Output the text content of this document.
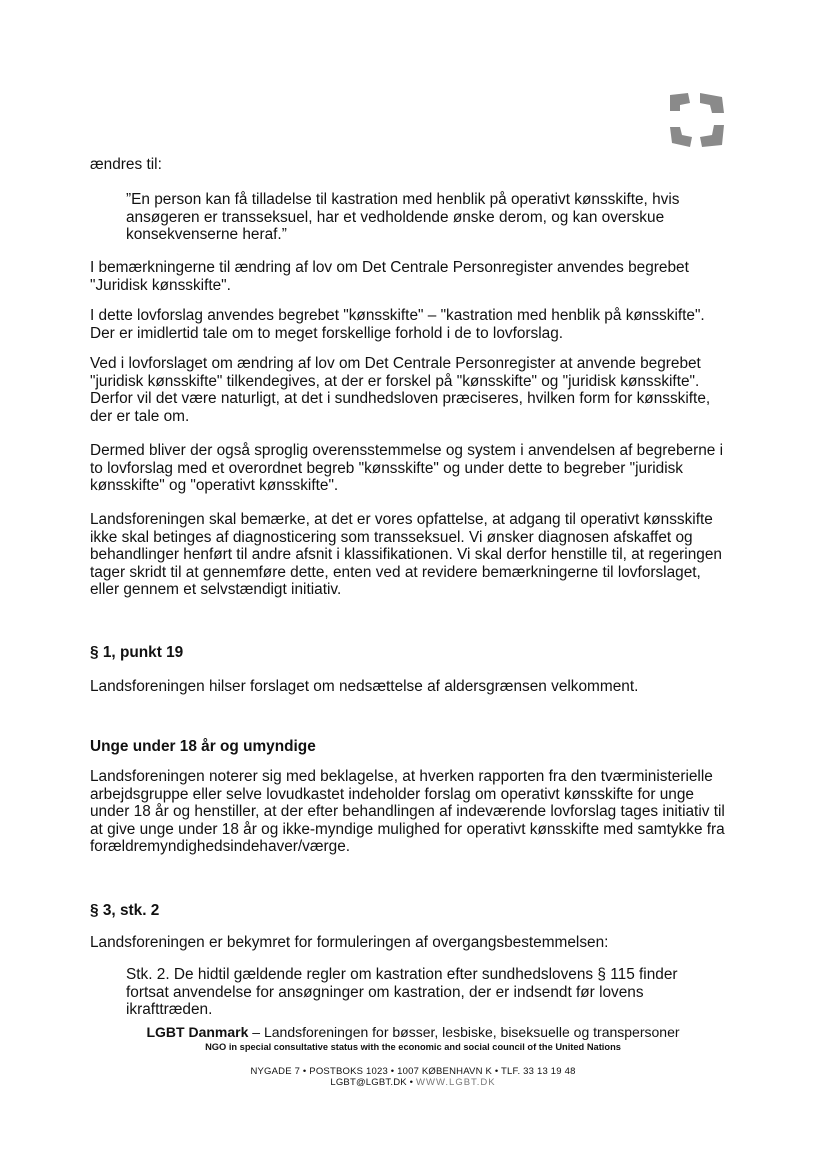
ændres til:

”En person kan få tilladelse til kastration med henblik på operativt kønsskifte, hvis ansøgeren er transseksuel, har et vedholdende ønske derom, og kan overskue konsekvenserne heraf.”

I bemærkningerne til ændring af lov om Det Centrale Personregister anvendes begrebet "Juridisk kønsskifte".

I dette lovforslag anvendes begrebet "kønsskifte" – "kastration med henblik på kønsskifte". Der er imidlertid tale om to meget forskellige forhold i de to lovforslag.

Ved i lovforslaget om ændring af lov om Det Centrale Personregister at anvende begrebet "juridisk kønsskifte" tilkendegives, at der er forskel på "kønsskifte" og "juridisk kønsskifte". Derfor vil det være naturligt, at det i sundhedsloven præciseres, hvilken form for kønsskifte, der er tale om.

Dermed bliver der også sproglig overensstemmelse og system i anvendelsen af begreberne i to lovforslag med et overordnet begreb "kønsskifte" og under dette to begreber "juridisk kønsskifte" og "operativt kønsskifte".

Landsforeningen skal bemærke, at det er vores opfattelse, at adgang til operativt kønsskifte ikke skal betinges af diagnosticering som transseksuel. Vi ønsker diagnosen afskaffet og behandlinger henført til andre afsnit i klassifikationen. Vi skal derfor henstille til, at regeringen tager skridt til at gennemføre dette, enten ved at revidere bemærkningerne til lovforslaget, eller gennem et selvstændigt initiativ.

§ 1, punkt 19

Landsforeningen hilser forslaget om nedsættelse af aldersgrænsen velkomment.

Unge under 18 år og umyndige

Landsforeningen noterer sig med beklagelse, at hverken rapporten fra den tværministerielle arbejdsgruppe eller selve lovudkastet indeholder forslag om operativt kønsskifte for unge under 18 år og henstiller, at der efter behandlingen af indeværende lovforslag tages initiativ til at give unge under 18 år og ikke-myndige mulighed for operativt kønsskifte med samtykke fra forældremyndighedsindehaver/værge.

§ 3, stk. 2

Landsforeningen er bekymret for formuleringen af overgangsbestemmelsen:

Stk. 2. De hidtil gældende regler om kastration efter sundhedslovens § 115 finder fortsat anvendelse for ansøgninger om kastration, der er indsendt før lovens ikrafttræden.

LGBT Danmark – Landsforeningen for bøsser, lesbiske, biseksuelle og transpersoner
NGO in special consultative status with the economic and social council of the United Nations
NYGADE 7 • POSTBOKS 1023 • 1007 KØBENHAVN K • TLF. 33 13 19 48
LGBT@LGBT.DK • WWW.LGBT.DK
